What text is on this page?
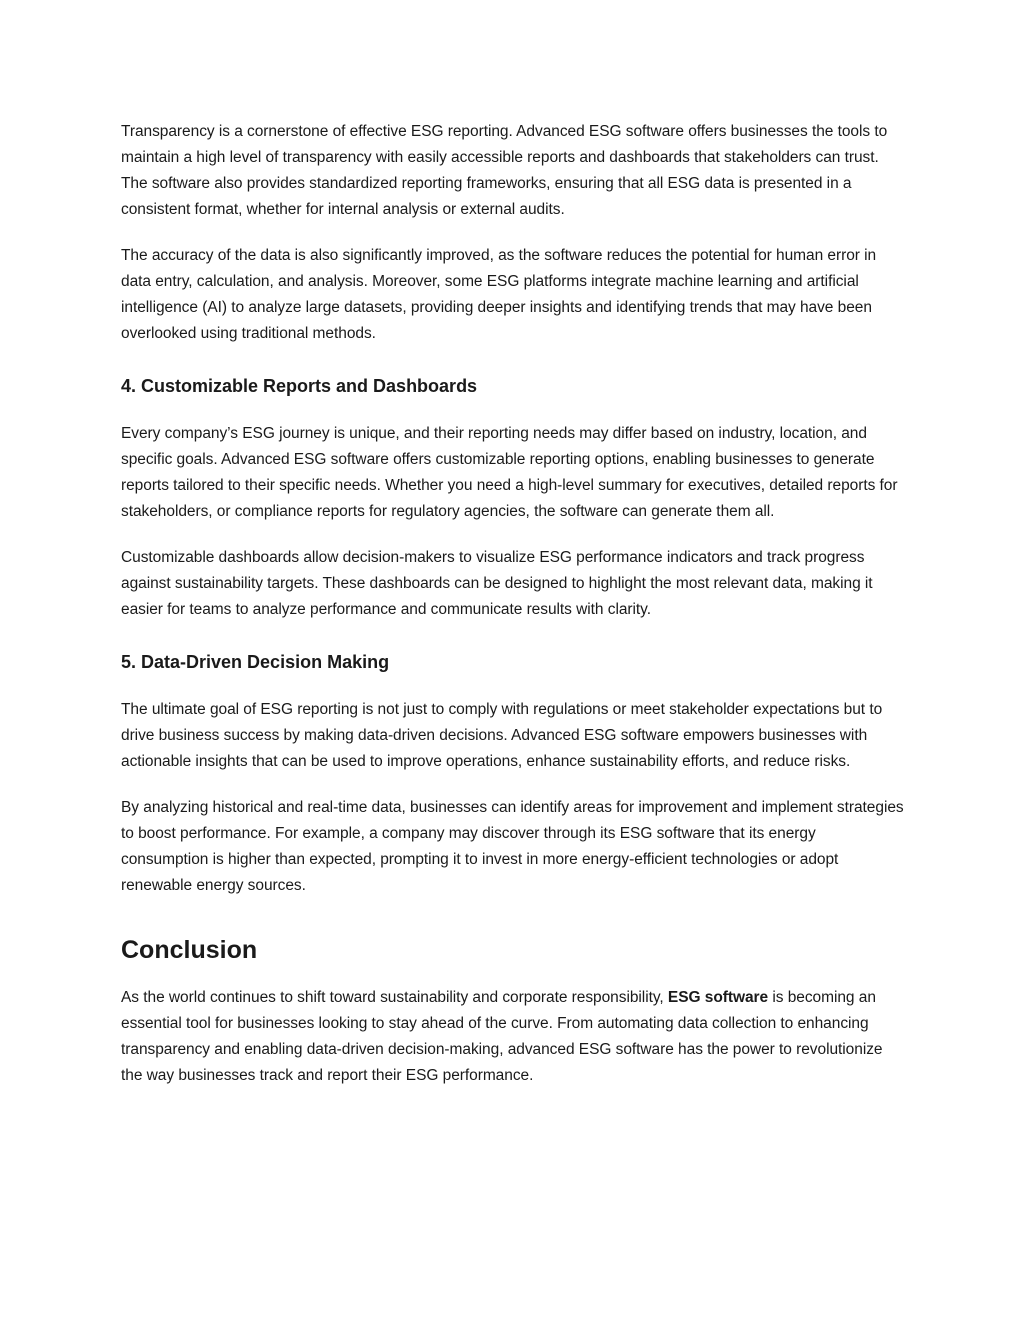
Transparency is a cornerstone of effective ESG reporting. Advanced ESG software offers businesses the tools to maintain a high level of transparency with easily accessible reports and dashboards that stakeholders can trust. The software also provides standardized reporting frameworks, ensuring that all ESG data is presented in a consistent format, whether for internal analysis or external audits.

The accuracy of the data is also significantly improved, as the software reduces the potential for human error in data entry, calculation, and analysis. Moreover, some ESG platforms integrate machine learning and artificial intelligence (AI) to analyze large datasets, providing deeper insights and identifying trends that may have been overlooked using traditional methods.

4. Customizable Reports and Dashboards

Every company’s ESG journey is unique, and their reporting needs may differ based on industry, location, and specific goals. Advanced ESG software offers customizable reporting options, enabling businesses to generate reports tailored to their specific needs. Whether you need a high-level summary for executives, detailed reports for stakeholders, or compliance reports for regulatory agencies, the software can generate them all.

Customizable dashboards allow decision-makers to visualize ESG performance indicators and track progress against sustainability targets. These dashboards can be designed to highlight the most relevant data, making it easier for teams to analyze performance and communicate results with clarity.

5. Data-Driven Decision Making

The ultimate goal of ESG reporting is not just to comply with regulations or meet stakeholder expectations but to drive business success by making data-driven decisions. Advanced ESG software empowers businesses with actionable insights that can be used to improve operations, enhance sustainability efforts, and reduce risks.

By analyzing historical and real-time data, businesses can identify areas for improvement and implement strategies to boost performance. For example, a company may discover through its ESG software that its energy consumption is higher than expected, prompting it to invest in more energy-efficient technologies or adopt renewable energy sources.

Conclusion

As the world continues to shift toward sustainability and corporate responsibility, ESG software is becoming an essential tool for businesses looking to stay ahead of the curve. From automating data collection to enhancing transparency and enabling data-driven decision-making, advanced ESG software has the power to revolutionize the way businesses track and report their ESG performance.
